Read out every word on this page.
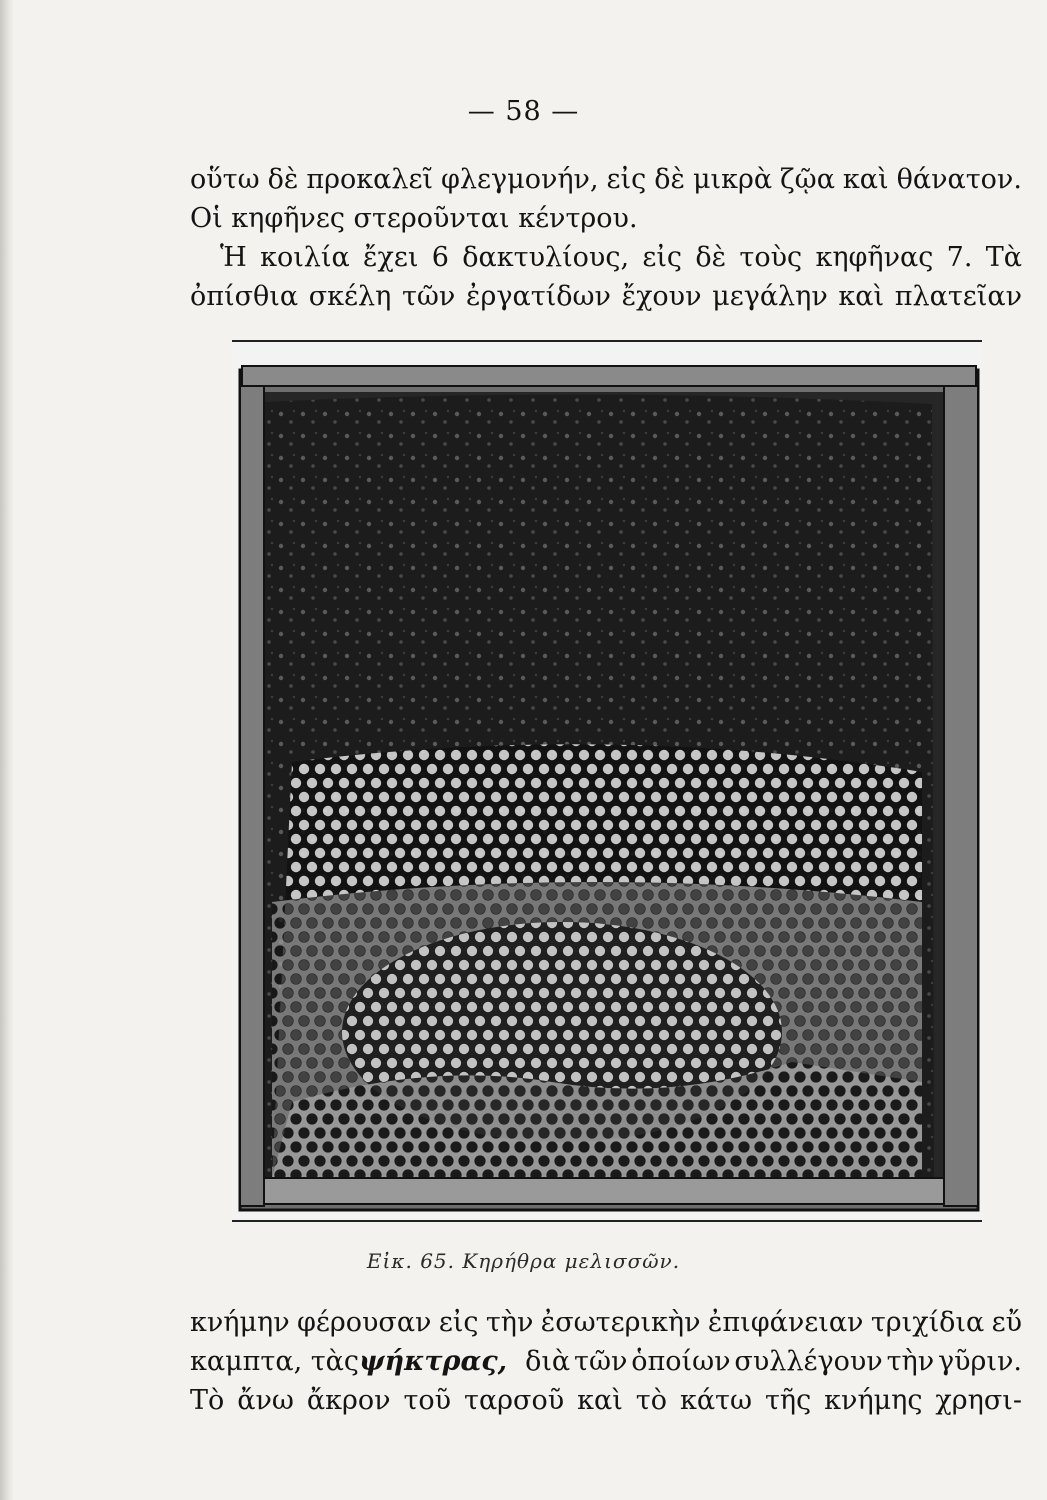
— 58 —
οὕτω δὲ προκαλεῖ φλεγμονήν, εἰς δὲ μικρὰ ζῷα καὶ θάνατον.
Οἱ κηφῆνες στεροῦνται κέντρου.
Ἡ κοιλία ἔχει 6 δακτυλίους, εἰς δὲ τοὺς κηφῆνας 7. Τὰ
ὀπίσθια σκέλη τῶν ἐργατίδων ἔχουν μεγάλην καὶ πλατεῖαν
Εἰκ. 65. Κηρήθρα μελισσῶν.
κνήμην φέρουσαν εἰς τὴν ἐσωτερικὴν ἐπιφάνειαν τριχίδια εὔ
καμπτα, τὰς ψήκτρας, διὰ τῶν ὁποίων συλλέγουν τὴν γῦριν.
Τὸ ἄνω ἄκρον τοῦ ταρσοῦ καὶ τὸ κάτω τῆς κνήμης χρησι-
